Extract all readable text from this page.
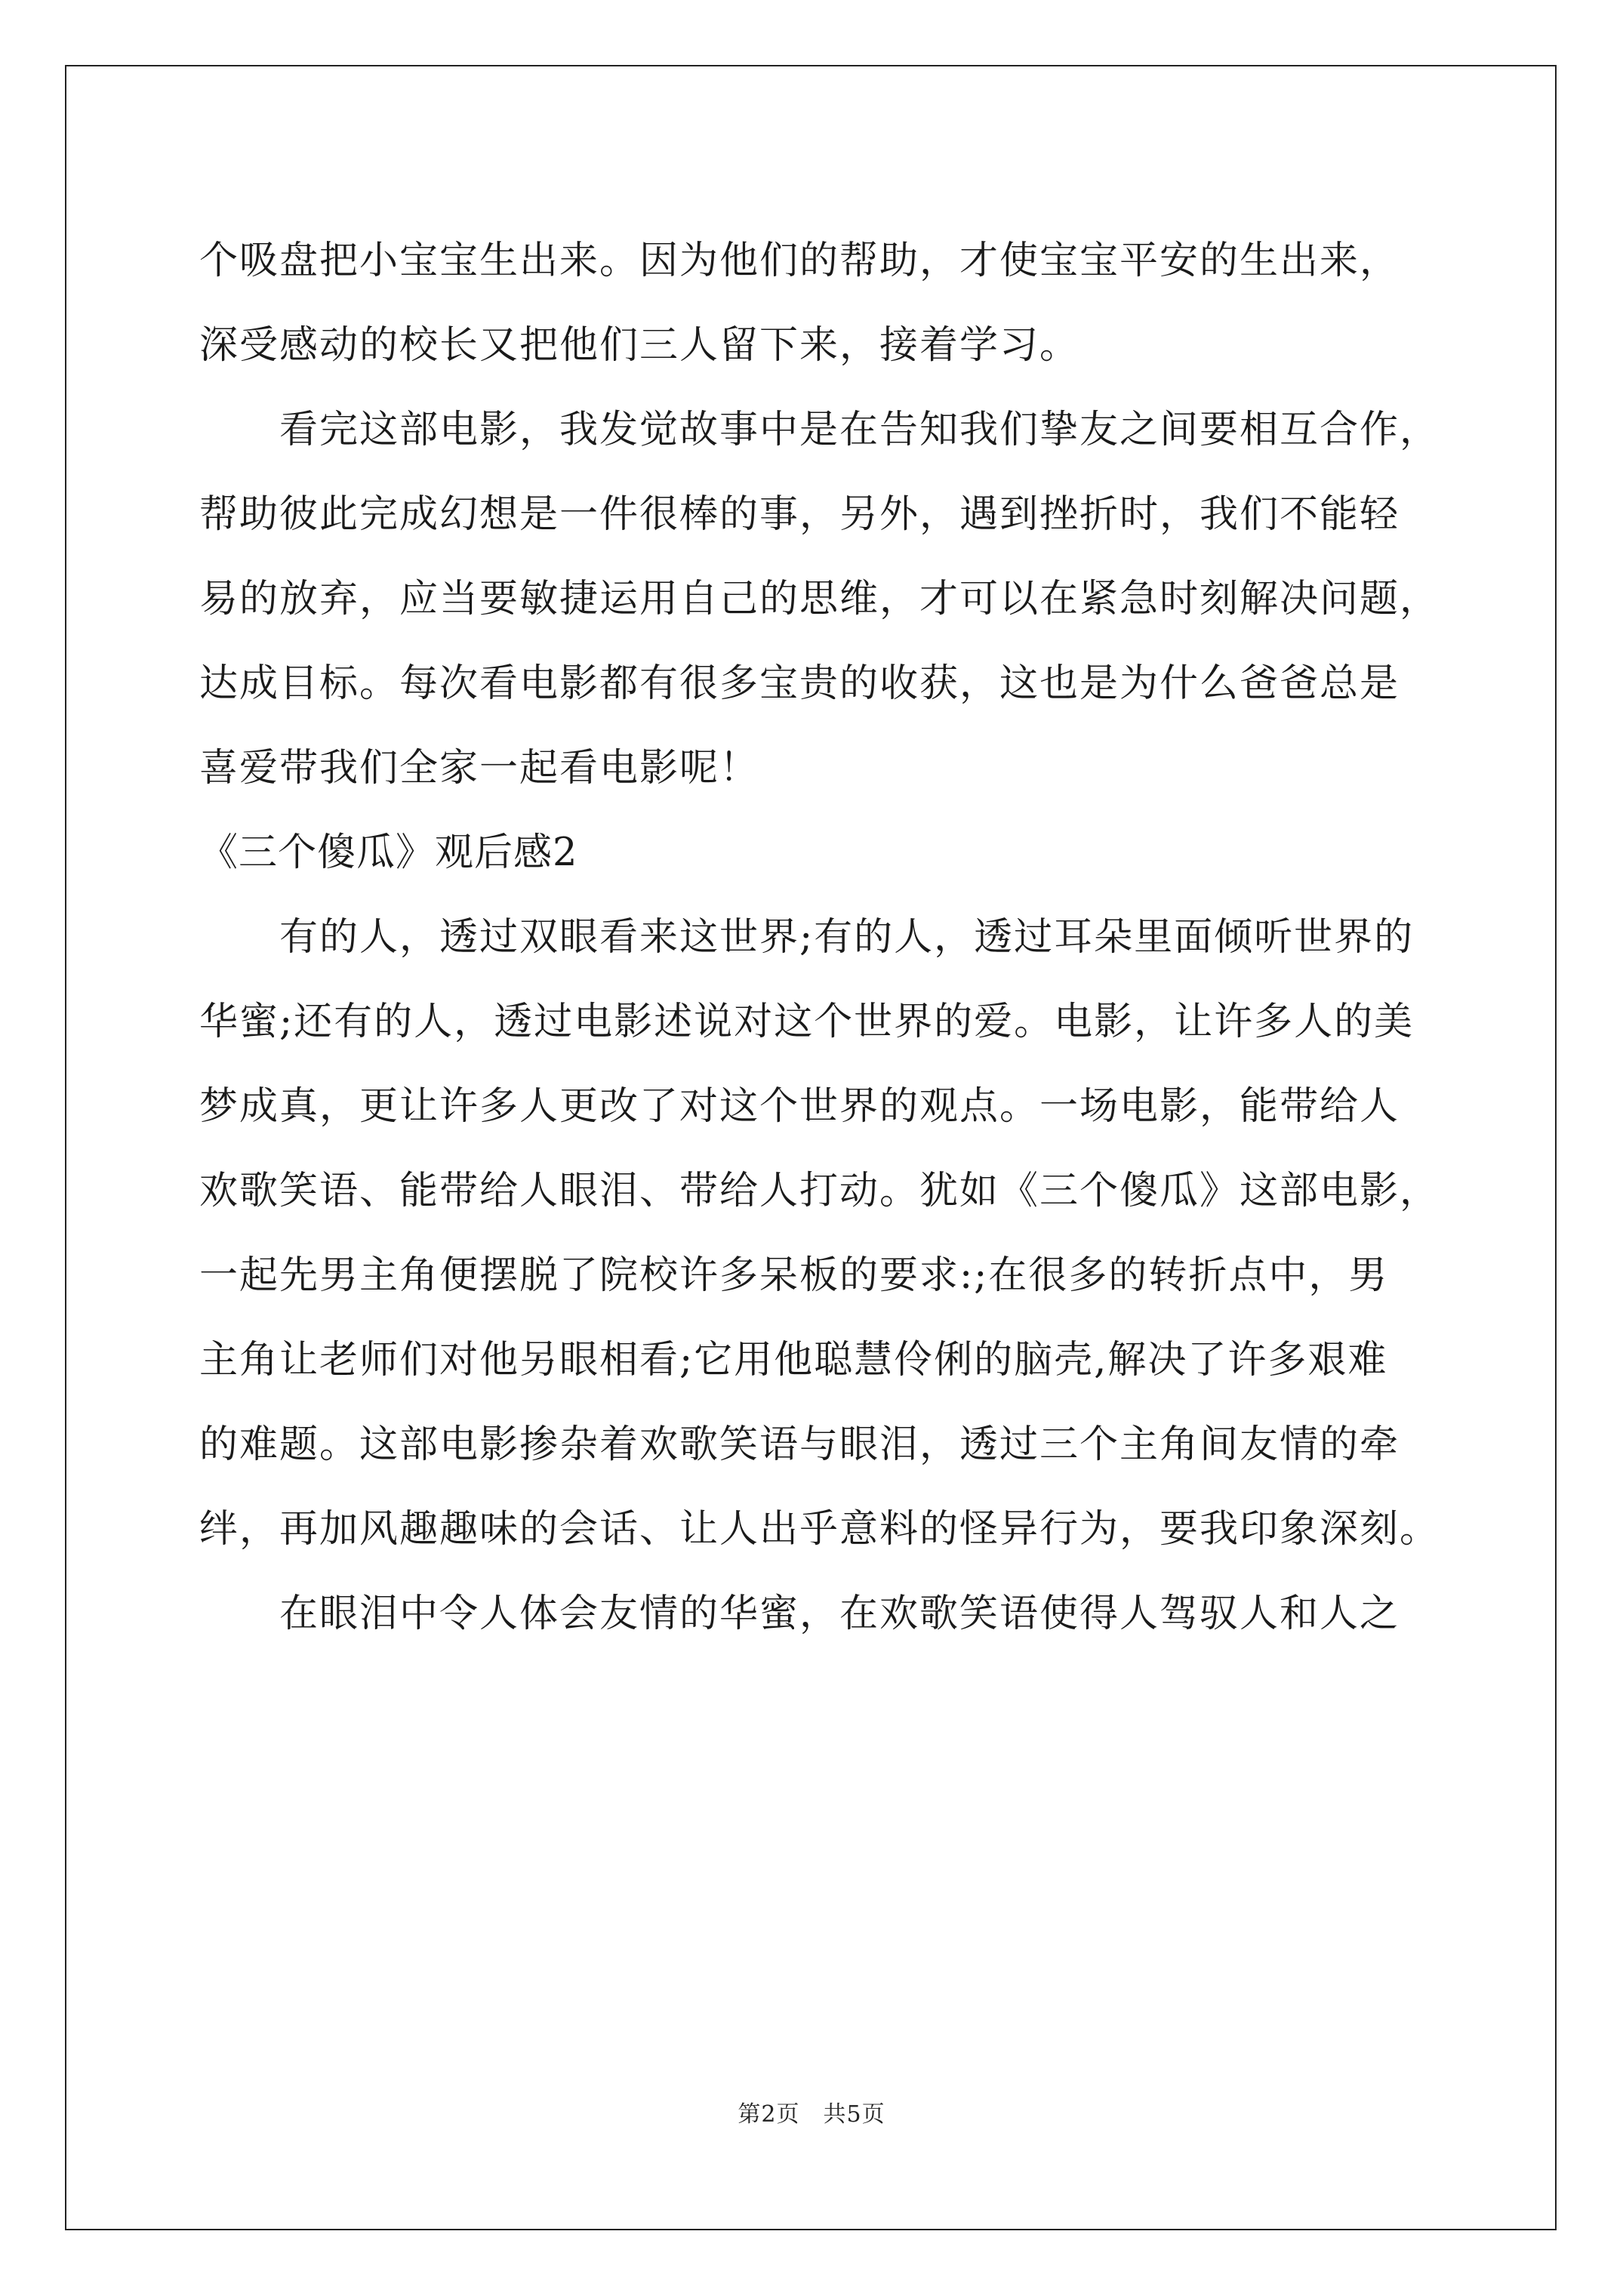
个吸盘把小宝宝生出来。因为他们的帮助，才使宝宝平安的生出来，
深受感动的校长又把他们三人留下来，接着学习。
看完这部电影，我发觉故事中是在告知我们挚友之间要相互合作，
帮助彼此完成幻想是一件很棒的事，另外，遇到挫折时，我们不能轻
易的放弃，应当要敏捷运用自己的思维，才可以在紧急时刻解决问题，
达成目标。每次看电影都有很多宝贵的收获，这也是为什么爸爸总是
喜爱带我们全家一起看电影呢！
《三个傻瓜》观后感2
有的人，透过双眼看来这世界;有的人，透过耳朵里面倾听世界的
华蜜;还有的人，透过电影述说对这个世界的爱。电影，让许多人的美
梦成真，更让许多人更改了对这个世界的观点。一场电影，能带给人
欢歌笑语、能带给人眼泪、带给人打动。犹如《三个傻瓜》这部电影，
一起先男主角便摆脱了院校许多呆板的要求:;在很多的转折点中，男
主角让老师们对他另眼相看;它用他聪慧伶俐的脑壳,解决了许多艰难
的难题。这部电影掺杂着欢歌笑语与眼泪，透过三个主角间友情的牵
绊，再加风趣趣味的会话、让人出乎意料的怪异行为，要我印象深刻。
在眼泪中令人体会友情的华蜜，在欢歌笑语使得人驾驭人和人之
第2页　共5页
